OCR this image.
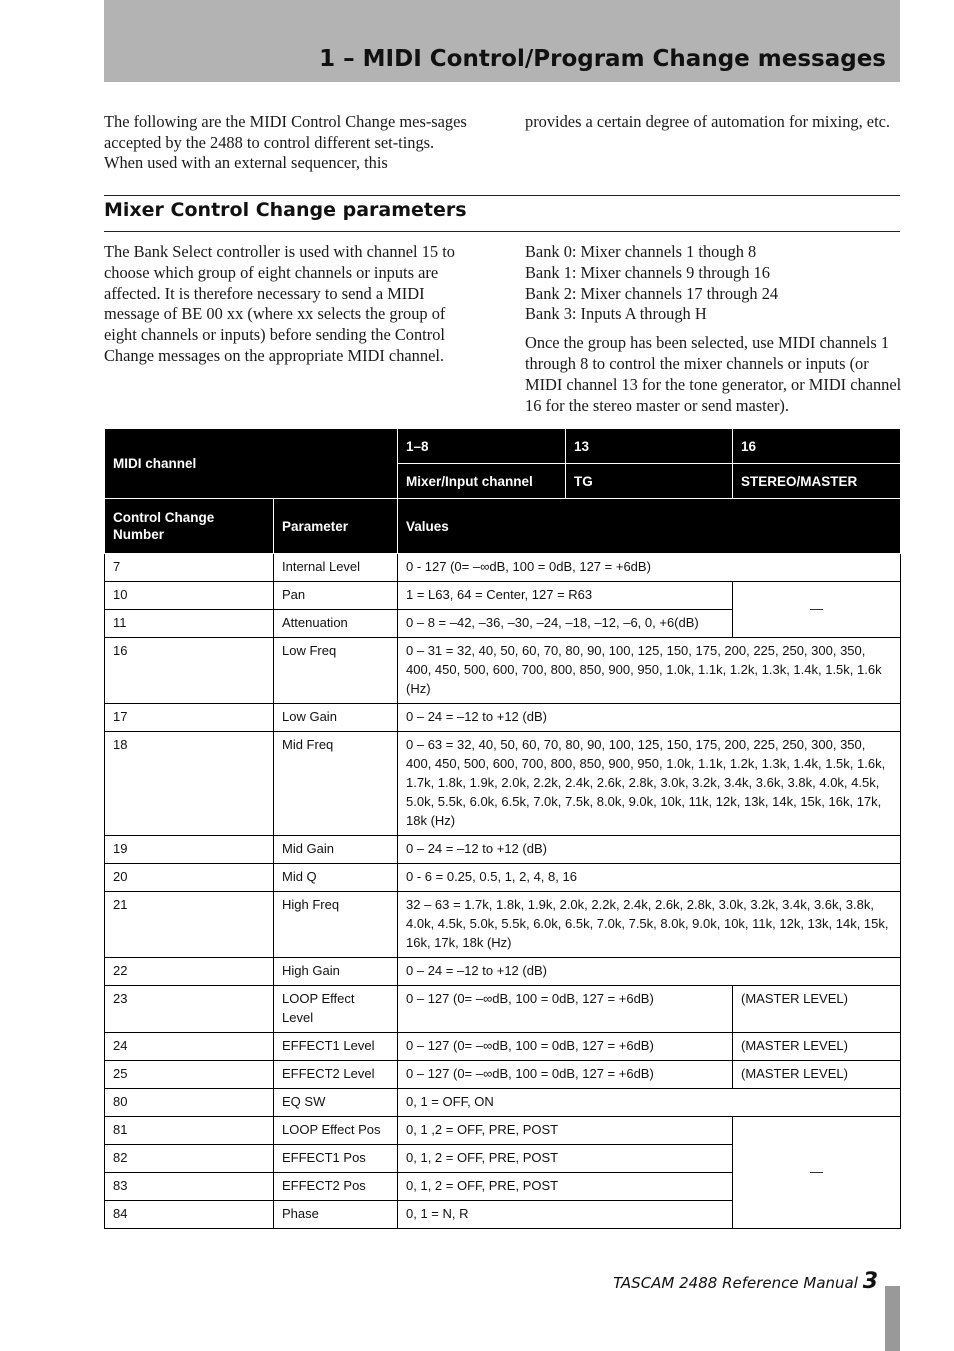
1 – MIDI Control/Program Change messages

The following are the MIDI Control Change mes-sages accepted by the 2488 to control different set-tings. When used with an external sequencer, this

provides a certain degree of automation for mixing, etc.

Mixer Control Change parameters

The Bank Select controller is used with channel 15 to choose which group of eight channels or inputs are affected. It is therefore necessary to send a MIDI message of BE 00 xx (where xx selects the group of eight channels or inputs) before sending the Control Change messages on the appropriate MIDI channel.

Bank 0: Mixer channels 1 though 8
Bank 1: Mixer channels 9 through 16
Bank 2: Mixer channels 17 through 24
Bank 3: Inputs A through H

Once the group has been selected, use MIDI channels 1 through 8 to control the mixer channels or inputs (or MIDI channel 13 for the tone generator, or MIDI channel 16 for the stereo master or send master).

MIDI channel		1–8	13	16
		Mixer/Input channel	TG	STEREO/MASTER
Control Change Number	Parameter	Values		
7	Internal Level	0 - 127 (0= –∞dB, 100 = 0dB, 127 = +6dB)		
10	Pan	1 = L63, 64 = Center, 127 = R63		—
11	Attenuation	0 – 8 = –42, –36, –30, –24, –18, –12, –6, 0, +6(dB)		
16	Low Freq	0 – 31 = 32, 40, 50, 60, 70, 80, 90, 100, 125, 150, 175, 200, 225, 250, 300, 350, 400, 450, 500, 600, 700, 800, 850, 900, 950, 1.0k, 1.1k, 1.2k, 1.3k, 1.4k, 1.5k, 1.6k (Hz)		
17	Low Gain	0 – 24 = –12 to +12 (dB)		
18	Mid Freq	0 – 63 = 32, 40, 50, 60, 70, 80, 90, 100, 125, 150, 175, 200, 225, 250, 300, 350, 400, 450, 500, 600, 700, 800, 850, 900, 950, 1.0k, 1.1k, 1.2k, 1.3k, 1.4k, 1.5k, 1.6k, 1.7k, 1.8k, 1.9k, 2.0k, 2.2k, 2.4k, 2.6k, 2.8k, 3.0k, 3.2k, 3.4k, 3.6k, 3.8k, 4.0k, 4.5k, 5.0k, 5.5k, 6.0k, 6.5k, 7.0k, 7.5k, 8.0k, 9.0k, 10k, 11k, 12k, 13k, 14k, 15k, 16k, 17k, 18k (Hz)		
19	Mid Gain	0 – 24 = –12 to +12 (dB)		
20	Mid Q	0 - 6 = 0.25, 0.5, 1, 2, 4, 8, 16		
21	High Freq	32 – 63 = 1.7k, 1.8k, 1.9k, 2.0k, 2.2k, 2.4k, 2.6k, 2.8k, 3.0k, 3.2k, 3.4k, 3.6k, 3.8k, 4.0k, 4.5k, 5.0k, 5.5k, 6.0k, 6.5k, 7.0k, 7.5k, 8.0k, 9.0k, 10k, 11k, 12k, 13k, 14k, 15k, 16k, 17k, 18k (Hz)		
22	High Gain	0 – 24 = –12 to +12 (dB)		
23	LOOP Effect Level	0 – 127 (0= –∞dB, 100 = 0dB, 127 = +6dB)		(MASTER LEVEL)
24	EFFECT1 Level	0 – 127 (0= –∞dB, 100 = 0dB, 127 = +6dB)		(MASTER LEVEL)
25	EFFECT2 Level	0 – 127 (0= –∞dB, 100 = 0dB, 127 = +6dB)		(MASTER LEVEL)
80	EQ SW	0, 1 = OFF, ON		
81	LOOP Effect Pos	0, 1 ,2 = OFF, PRE, POST		—
82	EFFECT1 Pos	0, 1, 2 = OFF, PRE, POST		
83	EFFECT2 Pos	0, 1, 2 = OFF, PRE, POST		
84	Phase	0, 1 = N, R		
TASCAM 2488 Reference Manual 3
